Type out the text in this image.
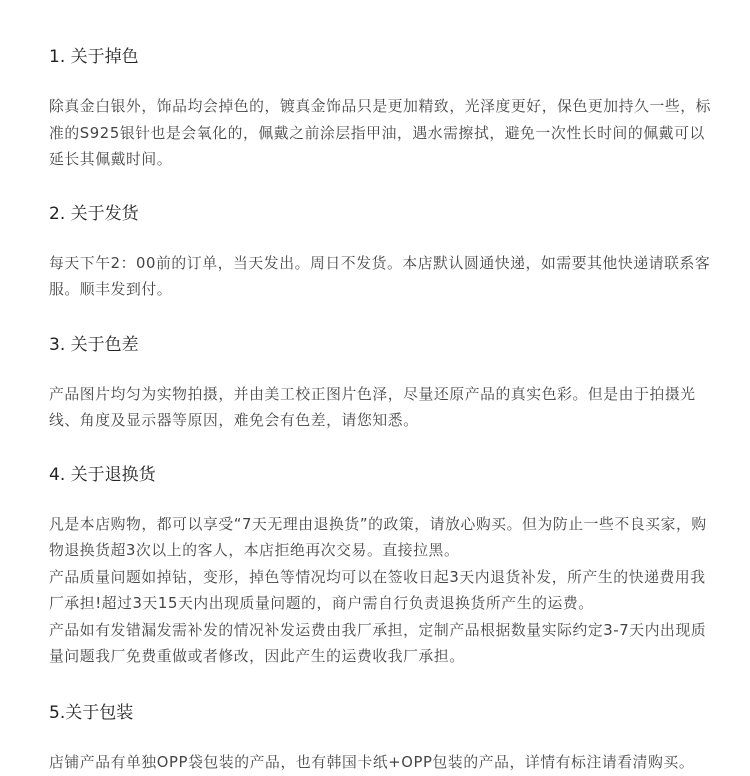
1. 关于掉色

除真金白银外，饰品均会掉色的，镀真金饰品只是更加精致，光泽度更好，保色更加持久一些，标准的S925银针也是会氧化的，佩戴之前涂层指甲油，遇水需擦拭，避免一次性长时间的佩戴可以延长其佩戴时间。

2. 关于发货

每天下午2：00前的订单，当天发出。周日不发货。本店默认圆通快递，如需要其他快递请联系客服。顺丰发到付。

3. 关于色差

产品图片均匀为实物拍摄，并由美工校正图片色泽，尽量还原产品的真实色彩。但是由于拍摄光线、角度及显示器等原因，难免会有色差，请您知悉。

4. 关于退换货

凡是本店购物，都可以享受“7天无理由退换货”的政策，请放心购买。但为防止一些不良买家，购物退换货超3次以上的客人，本店拒绝再次交易。直接拉黑。

产品质量问题如掉钻，变形，掉色等情况均可以在签收日起3天内退货补发，所产生的快递费用我厂承担!超过3天15天内出现质量问题的，商户需自行负责退换货所产生的运费。

产品如有发错漏发需补发的情况补发运费由我厂承担，定制产品根据数量实际约定3-7天内出现质量问题我厂免费重做或者修改，因此产生的运费收我厂承担。

5.关于包装

店铺产品有单独OPP袋包装的产品，也有韩国卡纸+OPP包装的产品，详情有标注请看清购买。
